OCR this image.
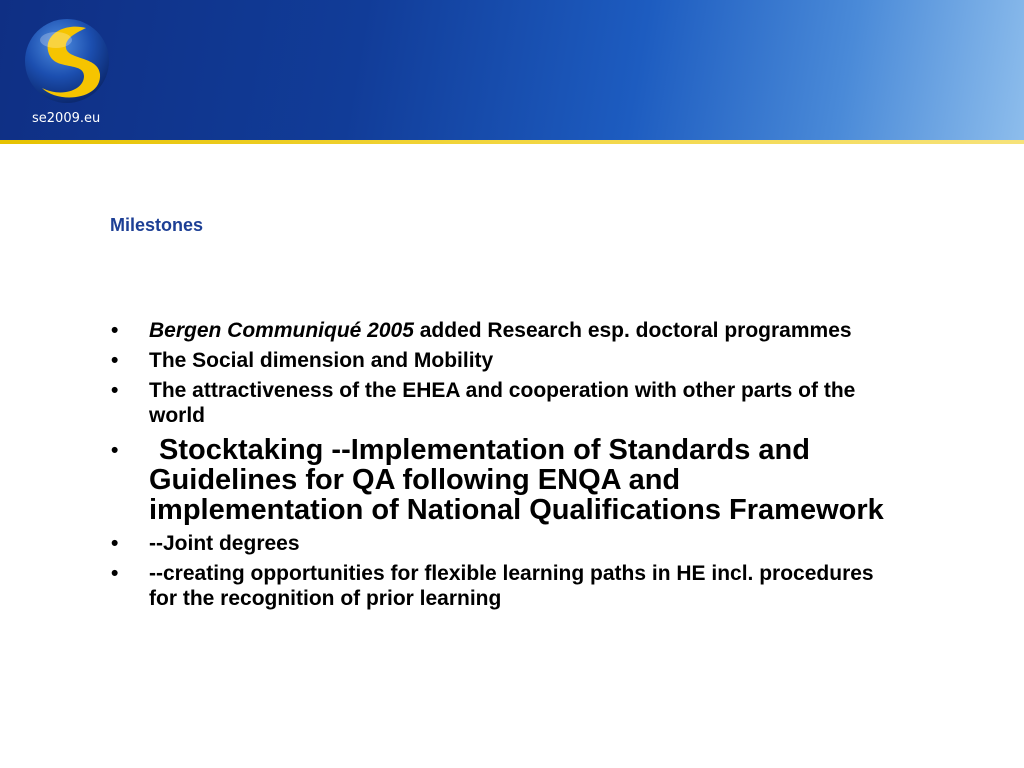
se2009.eu
Milestones
• Bergen Communiqué 2005 added Research esp. doctoral programmes
• The Social dimension and Mobility
• The attractiveness of the EHEA and cooperation with other parts of the world
•	Stocktaking --Implementation of Standards and Guidelines for QA following ENQA and implementation of National Qualifications Framework
• --Joint degrees
• --creating opportunities for flexible learning paths in HE incl. procedures for the recognition of prior learning
